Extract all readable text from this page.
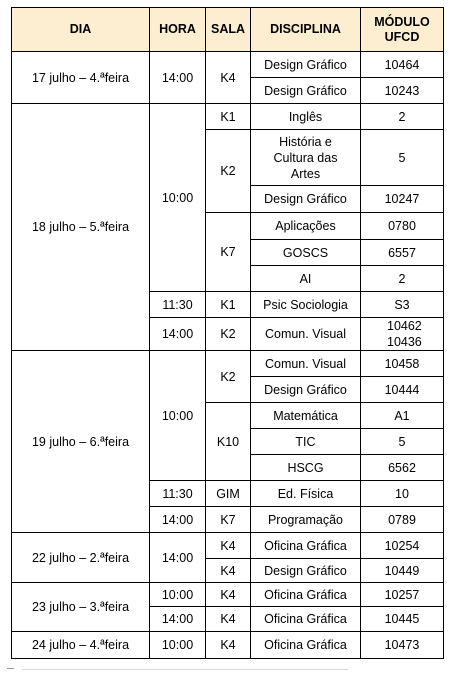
DIA	HORA	SALA	DISCIPLINA	MÓDULO
UFCD
17 julho – 4.ªfeira	14:00	K4	Design Gráfico	10464
			Design Gráfico	10243
18 julho – 5.ªfeira	10:00	K1	Inglês	2
		K2	História e Cultura das Artes	5
			Design Gráfico	10247
		K7	Aplicações	0780
			GOSCS	6557
			AI	2
	11:30	K1	Psic Sociologia	S3
	14:00	K2	Comun. Visual	10462 10436
19 julho – 6.ªfeira	10:00	K2	Comun. Visual	10458
			Design Gráfico	10444
		K10	Matemática	A1
			TIC	5
			HSCG	6562
	11:30	GIM	Ed. Física	10
	14:00	K7	Programação	0789
22 julho – 2.ªfeira	14:00	K4	Oficina Gráfica	10254
		K4	Design Gráfico	10449
23 julho – 3.ªfeira	10:00	K4	Oficina Gráfica	10257
	14:00	K4	Oficina Gráfica	10445
24 julho – 4.ªfeira	10:00	K4	Oficina Gráfica	10473
